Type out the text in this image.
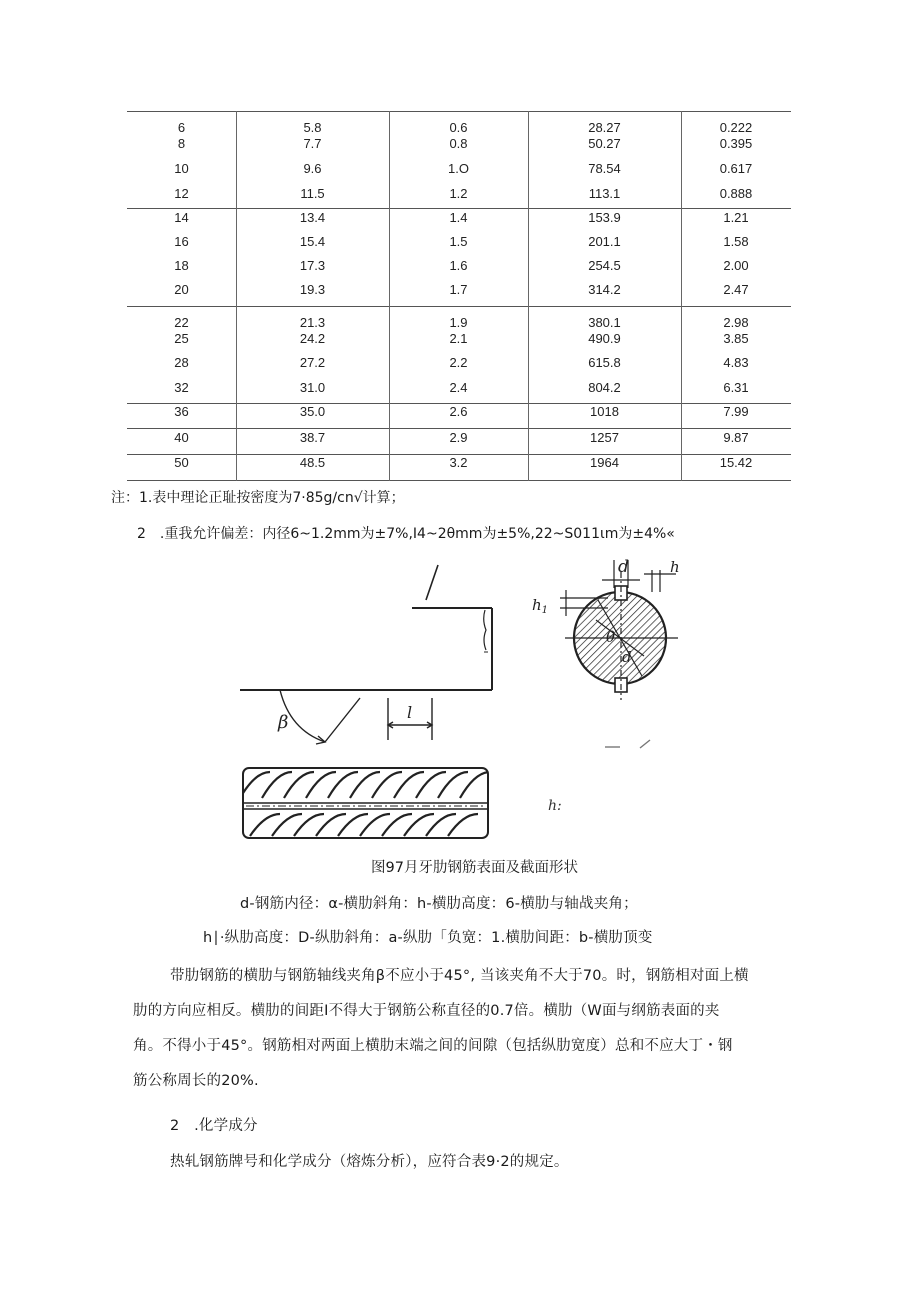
6	5.8	0.6	28.27	0.222
8	7.7	0.8	50.27	0.395
10	9.6	1.O	78.54	0.617
12	11.5	1.2	113.1	0.888
14	13.4	1.4	153.9	1.21
16	15.4	1.5	201.1	1.58
18	17.3	1.6	254.5	2.00
20	19.3	1.7	314.2	2.47
22	21.3	1.9	380.1	2.98
25	24.2	2.1	490.9	3.85
28	27.2	2.2	615.8	4.83
32	31.0	2.4	804.2	6.31
36	35.0	2.6	1018	7.99
40	38.7	2.9	1257	9.87
50	48.5	3.2	1964	15.42
注：1.表中理论正耻按密度为7·85g∕cn√计算；
2　.重我允许偏差：内径6~1.2mm为±7%,I4~2θmm为±5%,22~S011ιm为±4%«
β	l
d	h
$h_1$
θ
d
h:
图97月牙肋钢筋表面及截面形状
d-钢筋内径：α-横肋斜角：h-横肋高度：6-横肋与轴战夹角；
h∣·纵肋高度：D-纵肋斜角：a-纵肋「负宽：1.横肋间距：b-横肋顶变
带肋钢筋的横肋与钢筋轴线夹角β不应小于45°, 当该夹角不大于70。时，钢筋相对面上横
肋的方向应相反。横肋的间距I不得大于钢筋公称直径的0.7倍。横肋（W面与纲筋表面的夹
角。不得小于45°。钢筋相对两面上横肋末端之间的间隙（包括纵肋宽度）总和不应大丁・钢
筋公称周长的20%.
2　.化学成分
热轧钢筋牌号和化学成分（熔炼分析），应符合表9·2的规定。
